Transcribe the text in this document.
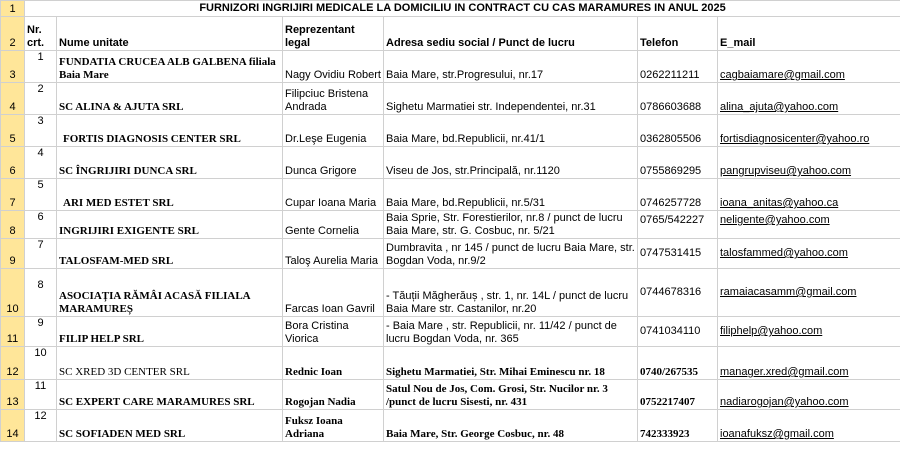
1	FURNIZORI INGRIJIRI MEDICALE LA DOMICILIU IN CONTRACT CU CAS MARAMURES IN ANUL 2025					
2	Nr. crt.	Nume unitate	Reprezentant legal	Adresa sediu social / Punct de lucru	Telefon	E_mail
3	1	FUNDATIA CRUCEA ALB GALBENA filiala Baia Mare	Nagy Ovidiu Robert	Baia Mare, str.Progresului, nr.17	0262211211	cagbaiamare@gmail.com
4	2	SC ALINA & AJUTA SRL	Filipciuc Bristena Andrada	Sighetu Marmatiei str. Independentei, nr.31	0786603688	alina_ajuta@yahoo.com
5	3	FORTIS DIAGNOSIS CENTER SRL	Dr.Leşe Eugenia	Baia Mare, bd.Republicii, nr.41/1	0362805506	fortisdiagnosicenter@yahoo.ro
6	4	SC ÎNGRIJIRI DUNCA SRL	Dunca Grigore	Viseu de Jos, str.Principală, nr.1120	0755869295	pangrupviseu@yahoo.com
7	5	ARI MED ESTET SRL	Cupar Ioana Maria	Baia Mare, bd.Republicii, nr.5/31	0746257728	ioana_anitas@yahoo.ca
8	6	INGRIJIRI EXIGENTE SRL	Gente Cornelia	Baia Sprie, Str. Forestierilor, nr.8 / punct de lucru Baia Mare, str. G. Cosbuc, nr. 5/21	0765/542227	neligente@yahoo.com
9	7	TALOSFAM-MED SRL	Taloş Aurelia Maria	Dumbravita , nr 145 / punct de lucru Baia Mare, str. Bogdan Voda, nr.9/2	0747531415	talosfammed@yahoo.com
10	8	ASOCIAȚIA RĂMÂI ACASĂ FILIALA MARAMUREȘ	Farcas Ioan Gavril	- Tăuții Măgherăuș , str. 1, nr. 14L / punct de lucru Baia Mare str. Castanilor, nr.20	0744678316	ramaiacasamm@gmail.com
11	9	FILIP HELP SRL	Bora Cristina Viorica	- Baia Mare , str. Republicii, nr. 11/42 / punct de lucru Bogdan Voda, nr. 365	0741034110	filiphelp@yahoo.com
12	10	SC XRED 3D CENTER SRL	Rednic Ioan	Sighetu Marmatiei, Str. Mihai Eminescu nr. 18	0740/267535	manager.xred@gmail.com
13	11	SC EXPERT CARE MARAMURES SRL	Rogojan Nadia	Satul Nou de Jos, Com. Grosi, Str. Nucilor nr. 3 /punct de lucru Sisesti, nr. 431	0752217407	nadiarogojan@yahoo.com
14	12	SC SOFIADEN MED SRL	Fuksz Ioana Adriana	Baia Mare, Str. George Cosbuc, nr. 48	742333923	ioanafuksz@gmail.com
